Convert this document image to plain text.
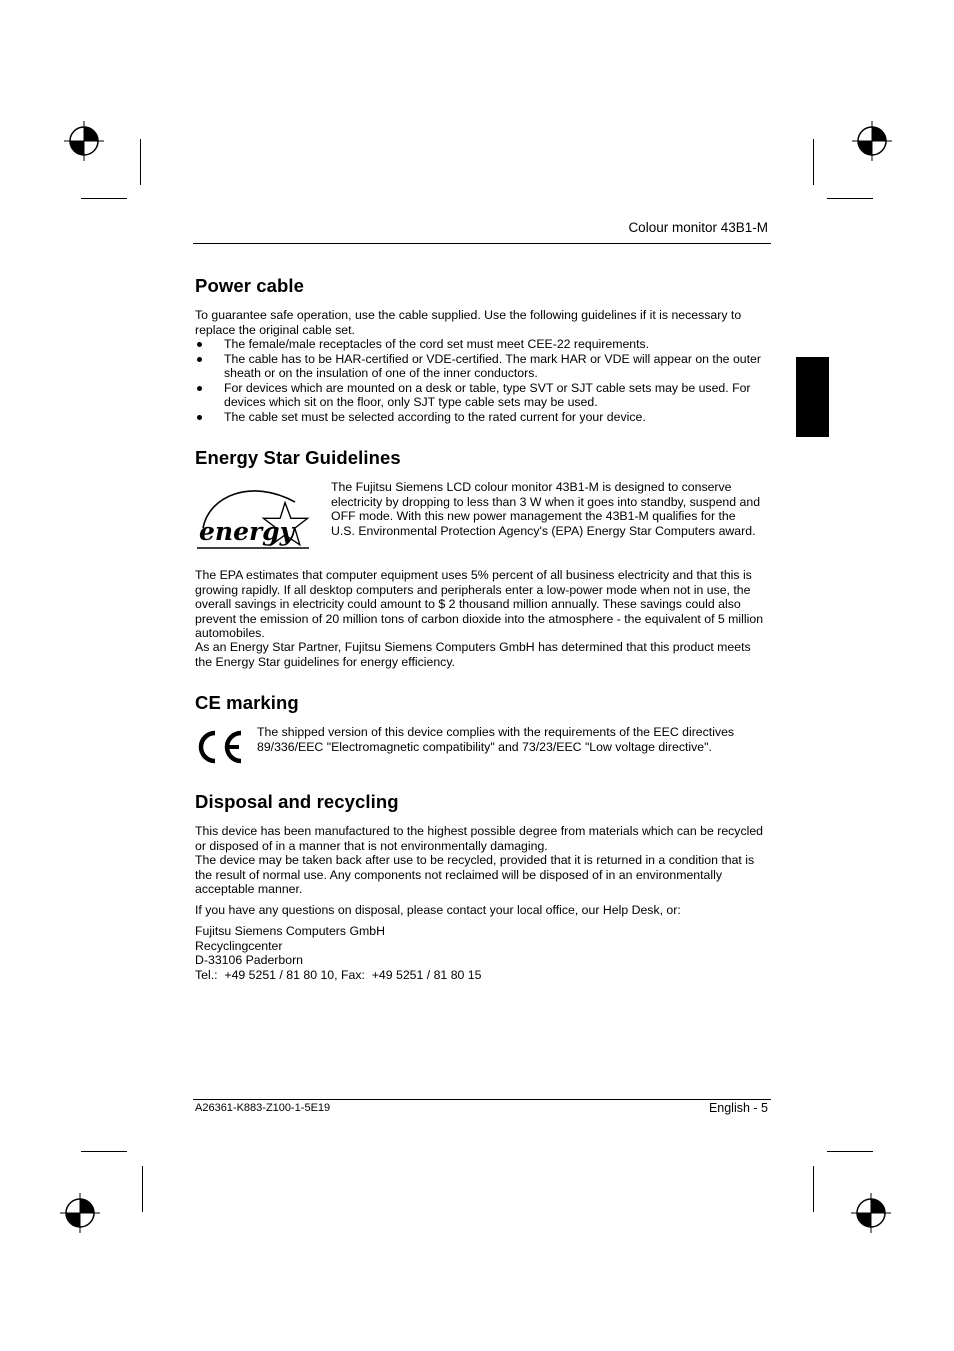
Colour monitor 43B1-M
Power cable

To guarantee safe operation, use the cable supplied. Use the following guidelines if it is necessary to replace the original cable set.

The female/male receptacles of the cord set must meet CEE-22 requirements.
The cable has to be HAR-certified or VDE-certified. The mark HAR or VDE will appear on the outer sheath or on the insulation of one of the inner conductors.
For devices which are mounted on a desk or table, type SVT or SJT cable sets may be used. For devices which sit on the floor, only SJT type cable sets may be used.
The cable set must be selected according to the rated current for your device.
Energy Star Guidelines
energy

The Fujitsu Siemens LCD colour monitor 43B1-M is designed to conserve electricity by dropping to less than 3 W when it goes into standby, suspend and OFF mode. With this new power management the 43B1-M qualifies for the U.S. Environmental Protection Agency's (EPA) Energy Star Computers award.

The EPA estimates that computer equipment uses 5% percent of all business electricity and that this is growing rapidly. If all desktop computers and peripherals enter a low-power mode when not in use, the overall savings in electricity could amount to $ 2 thousand million annually. These savings could also prevent the emission of 20 million tons of carbon dioxide into the atmosphere - the equivalent of 5 million automobiles.

As an Energy Star Partner, Fujitsu Siemens Computers GmbH has determined that this product meets the Energy Star guidelines for energy efficiency.

CE marking

The shipped version of this device complies with the requirements of the EEC directives 89/336/EEC "Electromagnetic compatibility" and 73/23/EEC "Low voltage directive".

Disposal and recycling

This device has been manufactured to the highest possible degree from materials which can be recycled or disposed of in a manner that is not environmentally damaging.

The device may be taken back after use to be recycled, provided that it is returned in a condition that is the result of normal use. Any components not reclaimed will be disposed of in an environmentally acceptable manner.

If you have any questions on disposal, please contact your local office, our Help Desk, or:

Fujitsu Siemens Computers GmbH
Recyclingcenter
D-33106 Paderborn
Tel.:  +49 5251 / 81 80 10, Fax:  +49 5251 / 81 80 15
A26361-K883-Z100-1-5E19	English - 5
